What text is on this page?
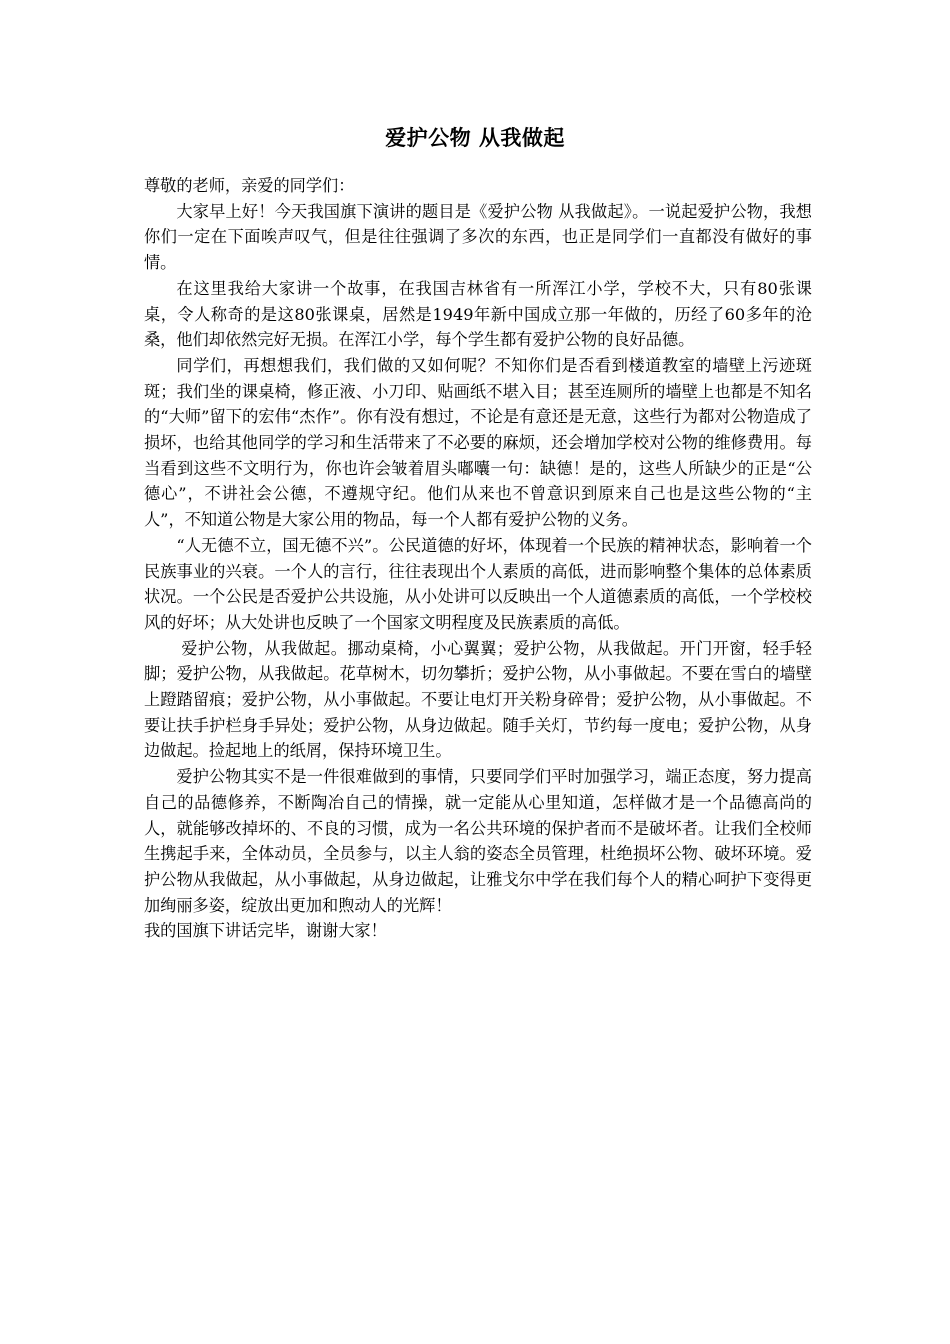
爱护公物 从我做起

尊敬的老师，亲爱的同学们：

大家早上好！今天我国旗下演讲的题目是《爱护公物 从我做起》。一说起爱护公物，我想你们一定在下面唉声叹气，但是往往强调了多次的东西，也正是同学们一直都没有做好的事情。

在这里我给大家讲一个故事，在我国吉林省有一所浑江小学，学校不大，只有80张课桌，令人称奇的是这80张课桌，居然是1949年新中国成立那一年做的，历经了60多年的沧桑，他们却依然完好无损。在浑江小学，每个学生都有爱护公物的良好品德。

同学们，再想想我们，我们做的又如何呢？不知你们是否看到楼道教室的墙壁上污迹斑斑；我们坐的课桌椅，修正液、小刀印、贴画纸不堪入目；甚至连厕所的墙壁上也都是不知名的“大师”留下的宏伟“杰作”。你有没有想过，不论是有意还是无意，这些行为都对公物造成了损坏，也给其他同学的学习和生活带来了不必要的麻烦，还会增加学校对公物的维修费用。每当看到这些不文明行为，你也许会皱着眉头嘟囔一句：缺德！是的，这些人所缺少的正是“公德心”，不讲社会公德，不遵规守纪。他们从来也不曾意识到原来自己也是这些公物的“主人”，不知道公物是大家公用的物品，每一个人都有爱护公物的义务。

“人无德不立，国无德不兴”。公民道德的好坏，体现着一个民族的精神状态，影响着一个民族事业的兴衰。一个人的言行，往往表现出个人素质的高低，进而影响整个集体的总体素质状况。一个公民是否爱护公共设施，从小处讲可以反映出一个人道德素质的高低，一个学校校风的好坏；从大处讲也反映了一个国家文明程度及民族素质的高低。

爱护公物，从我做起。挪动桌椅，小心翼翼；爱护公物，从我做起。开门开窗，轻手轻脚；爱护公物，从我做起。花草树木，切勿攀折；爱护公物，从小事做起。不要在雪白的墙壁上蹬踏留痕；爱护公物，从小事做起。不要让电灯开关粉身碎骨；爱护公物，从小事做起。不要让扶手护栏身手异处；爱护公物，从身边做起。随手关灯，节约每一度电；爱护公物，从身边做起。捡起地上的纸屑，保持环境卫生。

爱护公物其实不是一件很难做到的事情，只要同学们平时加强学习，端正态度，努力提高自己的品德修养，不断陶冶自己的情操，就一定能从心里知道，怎样做才是一个品德高尚的人，就能够改掉坏的、不良的习惯，成为一名公共环境的保护者而不是破坏者。让我们全校师生携起手来，全体动员，全员参与，以主人翁的姿态全员管理，杜绝损坏公物、破坏环境。爱护公物从我做起，从小事做起，从身边做起，让雅戈尔中学在我们每个人的精心呵护下变得更加绚丽多姿，绽放出更加和煦动人的光辉！

我的国旗下讲话完毕，谢谢大家！
